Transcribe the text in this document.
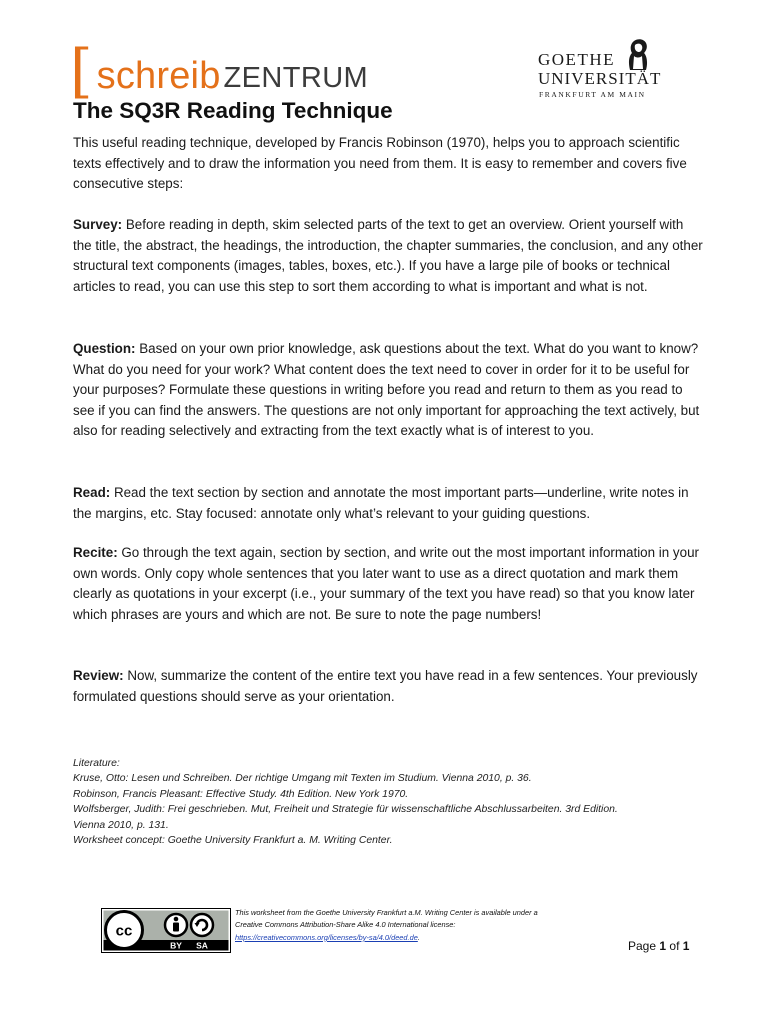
[ schreib ZENTRUM
GOETHE
UNIVERSITÄT
FRANKFURT AM MAIN
The SQ3R Reading Technique

This useful reading technique, developed by Francis Robinson (1970), helps you to approach scientific texts effectively and to draw the information you need from them. It is easy to remember and covers five consecutive steps:

Survey: Before reading in depth, skim selected parts of the text to get an overview. Orient yourself with the title, the abstract, the headings, the introduction, the chapter summaries, the conclusion, and any other structural text components (images, tables, boxes, etc.). If you have a large pile of books or technical articles to read, you can use this step to sort them according to what is important and what is not.

Question: Based on your own prior knowledge, ask questions about the text. What do you want to know? What do you need for your work? What content does the text need to cover in order for it to be useful for your purposes? Formulate these questions in writing before you read and return to them as you read to see if you can find the answers. The questions are not only important for approaching the text actively, but also for reading selectively and extracting from the text exactly what is of interest to you.

Read: Read the text section by section and annotate the most important parts—underline, write notes in the margins, etc. Stay focused: annotate only what’s relevant to your guiding questions.

Recite: Go through the text again, section by section, and write out the most important information in your own words. Only copy whole sentences that you later want to use as a direct quotation and mark them clearly as quotations in your excerpt (i.e., your summary of the text you have read) so that you know later which phrases are yours and which are not. Be sure to note the page numbers!

Review: Now, summarize the content of the entire text you have read in a few sentences. Your previously formulated questions should serve as your orientation.

Literature:
Kruse, Otto: Lesen und Schreiben. Der richtige Umgang mit Texten im Studium. Vienna 2010, p. 36.
Robinson, Francis Pleasant: Effective Study. 4th Edition. New York 1970.
Wolfsberger, Judith: Frei geschrieben. Mut, Freiheit und Strategie für wissenschaftliche Abschlussarbeiten. 3rd Edition.
Vienna 2010, p. 131.
Worksheet concept: Goethe University Frankfurt a. M. Writing Center.
cc
BY SA
This worksheet from the Goethe University Frankfurt a.M. Writing Center is available under a
Creative Commons Attribution-Share Alike 4.0 International license:
https://creativecommons.org/licenses/by-sa/4.0/deed.de.
Page 1 of 1
